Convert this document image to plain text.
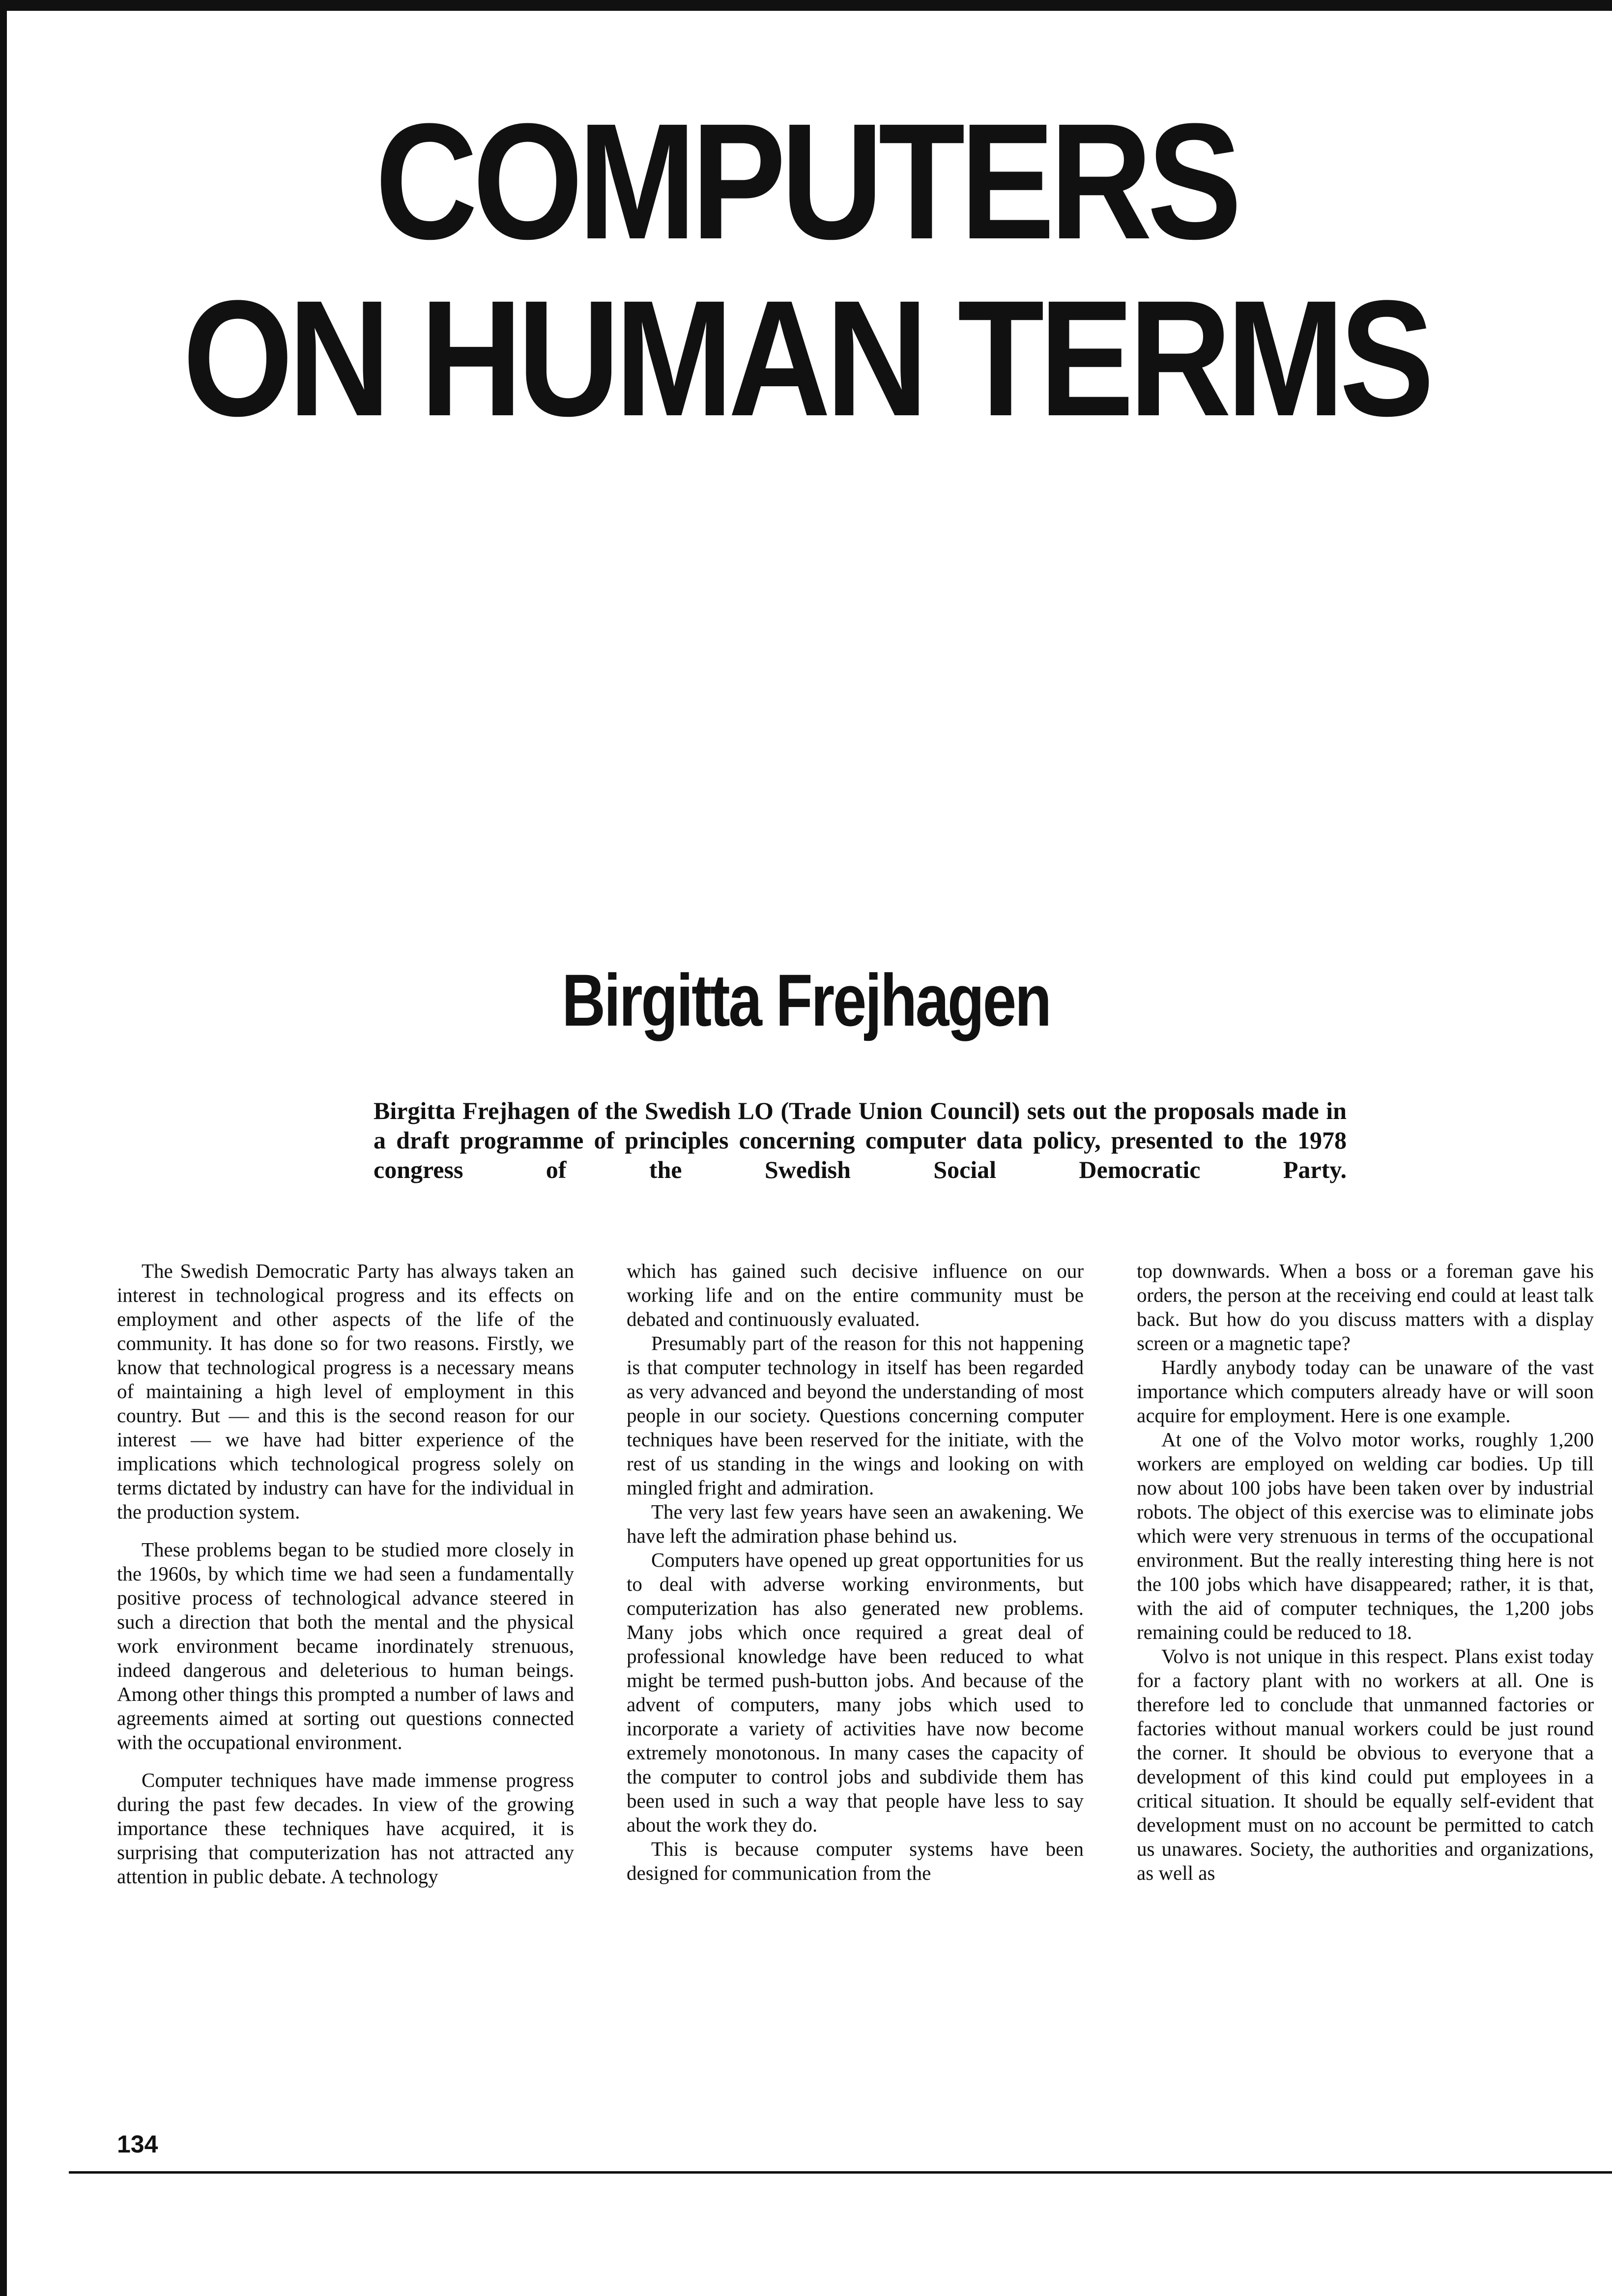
COMPUTERS
ON HUMAN TERMS
Birgitta Frejhagen

Birgitta Frejhagen of the Swedish LO (Trade Union Council) sets out the proposals made in a draft programme of principles concerning computer data policy, presented to the 1978 congress of the Swedish Social Democratic Party.

The Swedish Democratic Party has always taken an interest in technological progress and its effects on employment and other aspects of the life of the community. It has done so for two reasons. Firstly, we know that technological progress is a necessary means of maintaining a high level of employment in this country. But — and this is the second reason for our interest — we have had bitter experience of the implications which technological progress solely on terms dictated by industry can have for the individual in the production system.

These problems began to be studied more closely in the 1960s, by which time we had seen a fundamentally positive process of technological advance steered in such a direction that both the mental and the physical work environment became inordinately strenuous, indeed dangerous and deleterious to human beings. Among other things this prompted a number of laws and agreements aimed at sorting out questions connected with the occupational environment.

Computer techniques have made immense progress during the past few decades. In view of the growing importance these techniques have acquired, it is surprising that computerization has not attracted any attention in public debate. A technology

which has gained such decisive influence on our working life and on the entire community must be debated and continuously evaluated.

Presumably part of the reason for this not happening is that computer technology in itself has been regarded as very advanced and beyond the understanding of most people in our society. Questions concerning computer techniques have been reserved for the initiate, with the rest of us standing in the wings and looking on with mingled fright and admiration.

The very last few years have seen an awakening. We have left the admiration phase behind us.

Computers have opened up great opportunities for us to deal with adverse working environments, but computerization has also generated new problems. Many jobs which once required a great deal of professional knowledge have been reduced to what might be termed push-button jobs. And because of the advent of computers, many jobs which used to incorporate a variety of activities have now become extremely monotonous. In many cases the capacity of the computer to control jobs and subdivide them has been used in such a way that people have less to say about the work they do.

This is because computer systems have been designed for communication from the

top downwards. When a boss or a foreman gave his orders, the person at the receiving end could at least talk back. But how do you discuss matters with a display screen or a magnetic tape?

Hardly anybody today can be unaware of the vast importance which computers already have or will soon acquire for employment. Here is one example.

At one of the Volvo motor works, roughly 1,200 workers are employed on welding car bodies. Up till now about 100 jobs have been taken over by industrial robots. The object of this exercise was to eliminate jobs which were very strenuous in terms of the occupational environment. But the really interesting thing here is not the 100 jobs which have disappeared; rather, it is that, with the aid of computer techniques, the 1,200 jobs remaining could be reduced to 18.

Volvo is not unique in this respect. Plans exist today for a factory plant with no workers at all. One is therefore led to conclude that unmanned factories or factories without manual workers could be just round the corner. It should be obvious to everyone that a development of this kind could put employees in a critical situation. It should be equally self-evident that development must on no account be permitted to catch us unawares. Society, the authorities and organizations, as well as

134
